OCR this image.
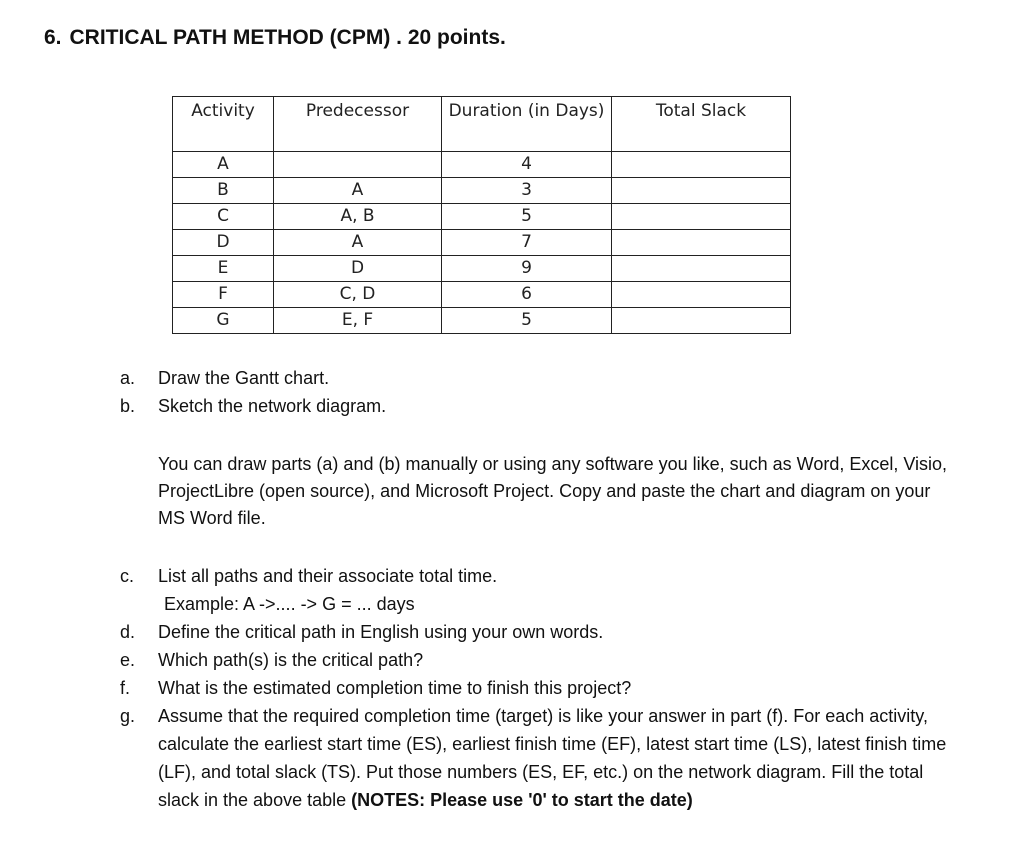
6. CRITICAL PATH METHOD (CPM) . 20 points.
Activity	Predecessor	Duration (in Days)	Total Slack
A		4	
B	A	3	
C	A, B	5	
D	A	7	
E	D	9	
F	C, D	6	
G	E, F	5	
a.	Draw the Gantt chart.
b.	Sketch the network diagram.
You can draw parts (a) and (b) manually or using any software you like, such as Word, Excel, Visio, ProjectLibre (open source), and Microsoft Project. Copy and paste the chart and diagram on your MS Word file.
c.	List all paths and their associate total time.
Example: A ->.... -> G = ... days
d.	Define the critical path in English using your own words.
e.	Which path(s) is the critical path?
f.	What is the estimated completion time to finish this project?
g.	Assume that the required completion time (target) is like your answer in part (f). For each activity, calculate the earliest start time (ES), earliest finish time (EF), latest start time (LS), latest finish time (LF), and total slack (TS). Put those numbers (ES, EF, etc.) on the network diagram. Fill the total slack in the above table (NOTES: Please use '0' to start the date)
